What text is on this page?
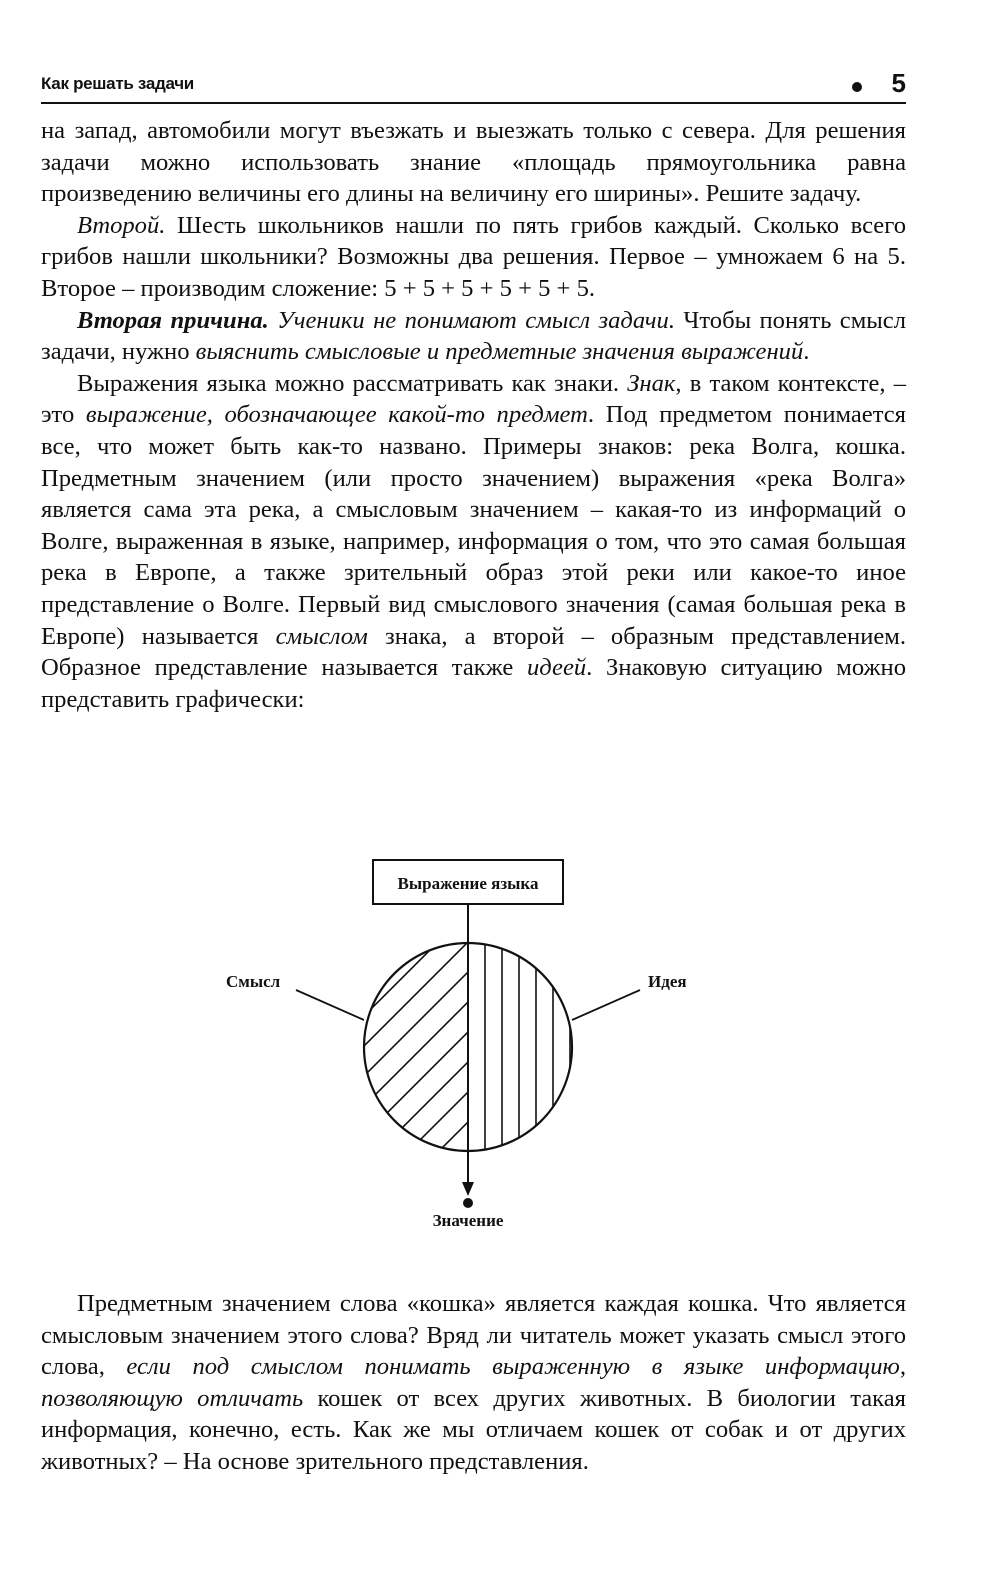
Как решать задачи	5

на запад, автомобили могут въезжать и выезжать только с севера. Для решения задачи можно использовать знание «площадь прямоугольника равна произведению величины его длины на величину его ширины». Решите задачу.

Второй. Шесть школьников нашли по пять грибов каждый. Сколько всего грибов нашли школьники? Возможны два решения. Первое – умножаем 6 на 5. Второе – производим сложение: 5 + 5 + 5 + 5 + 5 + 5.

Вторая причина. Ученики не понимают смысл задачи. Чтобы понять смысл задачи, нужно выяснить смысловые и предметные значения выражений.

Выражения языка можно рассматривать как знаки. Знак, в таком контексте, – это выражение, обозначающее какой-то предмет. Под предметом понимается все, что может быть как-то названо. Примеры знаков: река Волга, кошка. Предметным значением (или просто значением) выражения «река Волга» является сама эта река, а смысловым значением – какая-то из информаций о Волге, выраженная в языке, например, информация о том, что это самая большая река в Европе, а также зрительный образ этой реки или какое-то иное представление о Волге. Первый вид смыслового значения (самая большая река в Европе) называется смыслом знака, а второй – образным представлением. Образное представление называется также идеей. Знаковую ситуацию можно представить графически:

Выражение языка
Смысл	Идея
Значение

Предметным значением слова «кошка» является каждая кошка. Что является смысловым значением этого слова? Вряд ли читатель может указать смысл этого слова, если под смыслом понимать выраженную в языке информацию, позволяющую отличать кошек от всех других животных. В биологии такая информация, конечно, есть. Как же мы отличаем кошек от собак и от других животных? – На основе зрительного представления.
